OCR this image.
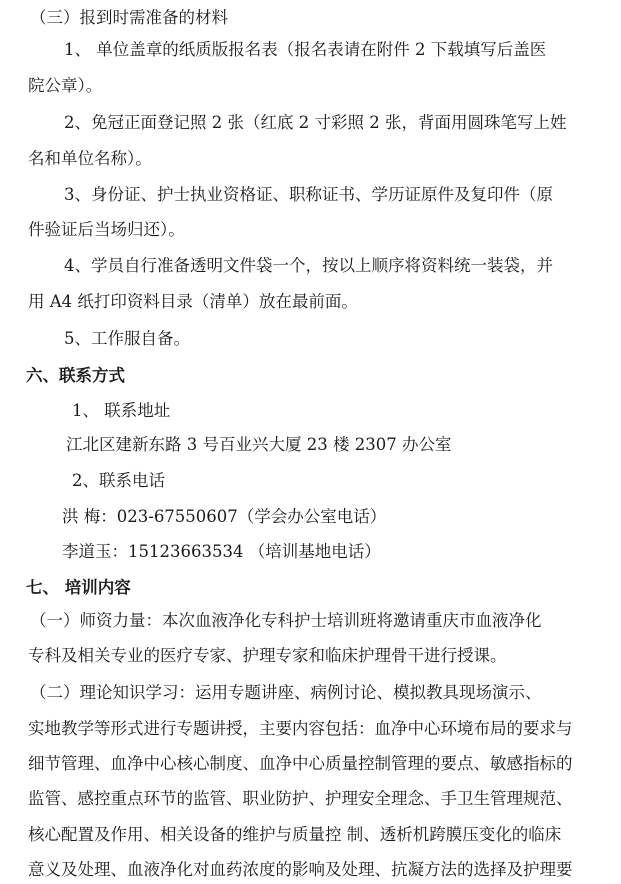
（三）报到时需准备的材料
1、 单位盖章的纸质版报名表（报名表请在附件 2 下载填写后盖医
院公章）。
2、免冠正面登记照 2 张（红底 2 寸彩照 2 张，背面用圆珠笔写上姓
名和单位名称）。
3、身份证、护士执业资格证、职称证书、学历证原件及复印件（原
件验证后当场归还）。
4、学员自行准备透明文件袋一个，按以上顺序将资料统一装袋，并
用 A4 纸打印资料目录（清单）放在最前面。
5、工作服自备。
六、联系方式
1、 联系地址
江北区建新东路 3 号百业兴大厦 23 楼 2307 办公室
2、联系电话
洪 梅：023-67550607（学会办公室电话）
李道玉：15123663534 （培训基地电话）
七、 培训内容
（一）师资力量：本次血液净化专科护士培训班将邀请重庆市血液净化
专科及相关专业的医疗专家、护理专家和临床护理骨干进行授课。
（二）理论知识学习：运用专题讲座、病例讨论、模拟教具现场演示、
实地教学等形式进行专题讲授，主要内容包括：血净中心环境布局的要求与
细节管理、血净中心核心制度、血净中心质量控制管理的要点、敏感指标的
监管、感控重点环节的监管、职业防护、护理安全理念、手卫生管理规范、
核心配置及作用、相关设备的维护与质量控 制、透析机跨膜压变化的临床
意义及处理、血液净化对血药浓度的影响及处理、抗凝方法的选择及护理要
